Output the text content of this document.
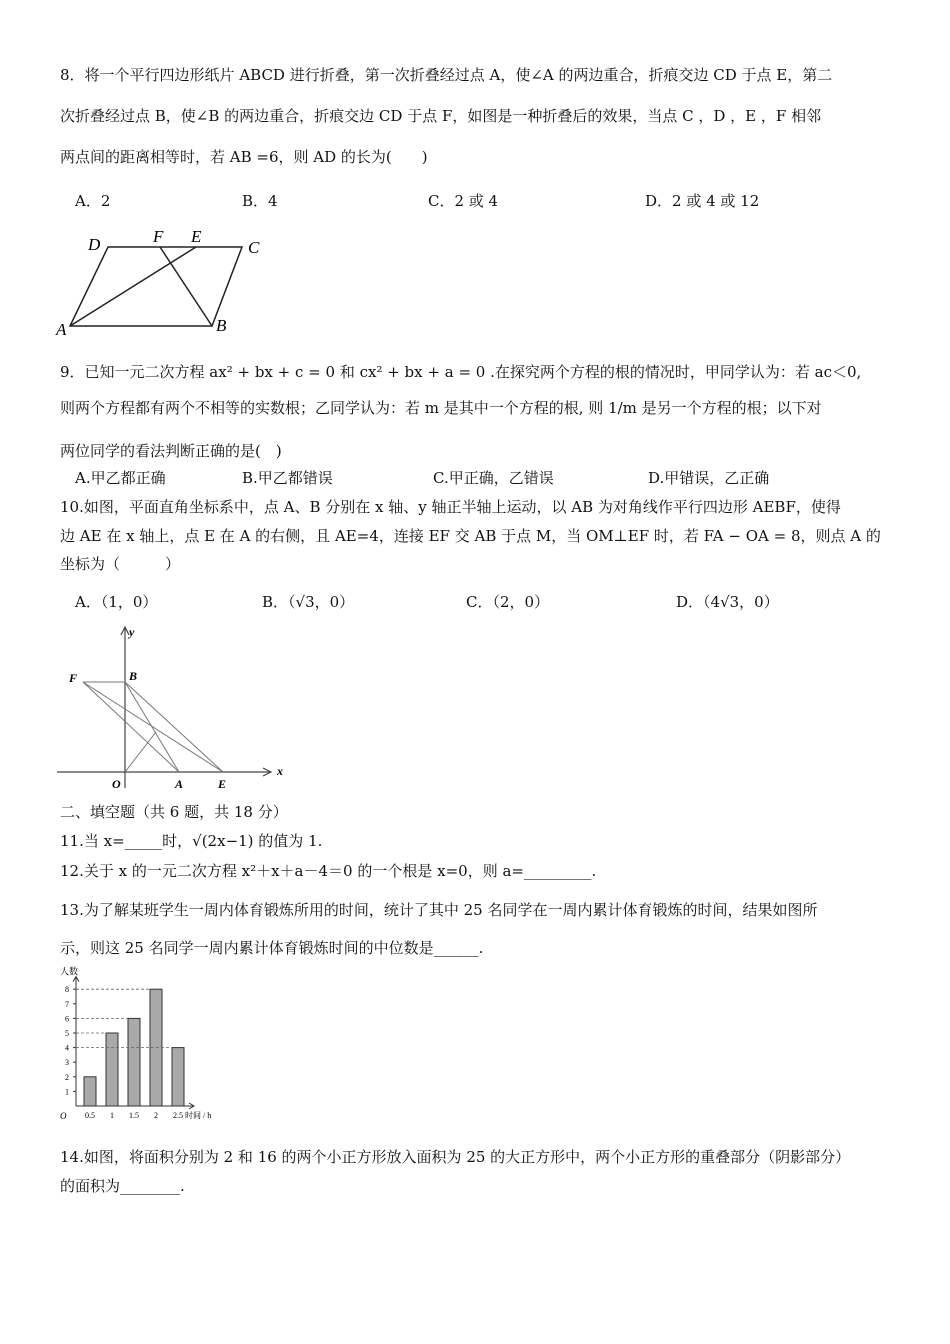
8．将一个平行四边形纸片 ABCD 进行折叠，第一次折叠经过点 A，使∠A 的两边重合，折痕交边 CD 于点 E，第二
次折叠经过点 B，使∠B 的两边重合，折痕交边 CD 于点 F，如图是一种折叠后的效果，当点 C ，D ，E ，F 相邻
两点间的距离相等时，若 AB =6，则 AD 的长为(　　)
A．2	B．4	C．2 或 4	D．2 或 4 或 12
D	F E
C
A	B
9．已知一元二次方程 ax² + bx + c = 0 和 cx² + bx + a = 0 .在探究两个方程的根的情况时，甲同学认为：若 ac＜0,
则两个方程都有两个不相等的实数根；乙同学认为：若 m 是其中一个方程的根, 则 1/m 是另一个方程的根；以下对
两位同学的看法判断正确的是(　)
A.甲乙都正确	B.甲乙都错误	C.甲正确，乙错误	D.甲错误，乙正确
10.如图，平面直角坐标系中，点 A、B 分别在 x 轴、y 轴正半轴上运动，以 AB 为对角线作平行四边形 AEBF，使得
边 AE 在 x 轴上，点 E 在 A 的右侧，且 AE=4，连接 EF 交 AB 于点 M，当 OM⊥EF 时，若 FA − OA = 8，则点 A 的
坐标为（　　　）
A．（1，0）	B．（√3，0）	C．（2，0）	D．（4√3，0）
y
x
F	B
O	A	E
二、填空题（共 6 题，共 18 分）
11.当 x=_____时，√(2x−1) 的值为 1.
12.关于 x 的一元二次方程 x²＋x＋a－4＝0 的一个根是 x=0，则 a=_________.
13.为了解某班学生一周内体育锻炼所用的时间，统计了其中 25 名同学在一周内累计体育锻炼的时间，结果如图所
示，则这 25 名同学一周内累计体育锻炼时间的中位数是______.
人数
时间 / h
O
1
2
3
4
5
6
7
8
0.5 1 1.5 2 2.5
14.如图，将面积分别为 2 和 16 的两个小正方形放入面积为 25 的大正方形中，两个小正方形的重叠部分（阴影部分）
的面积为________.
